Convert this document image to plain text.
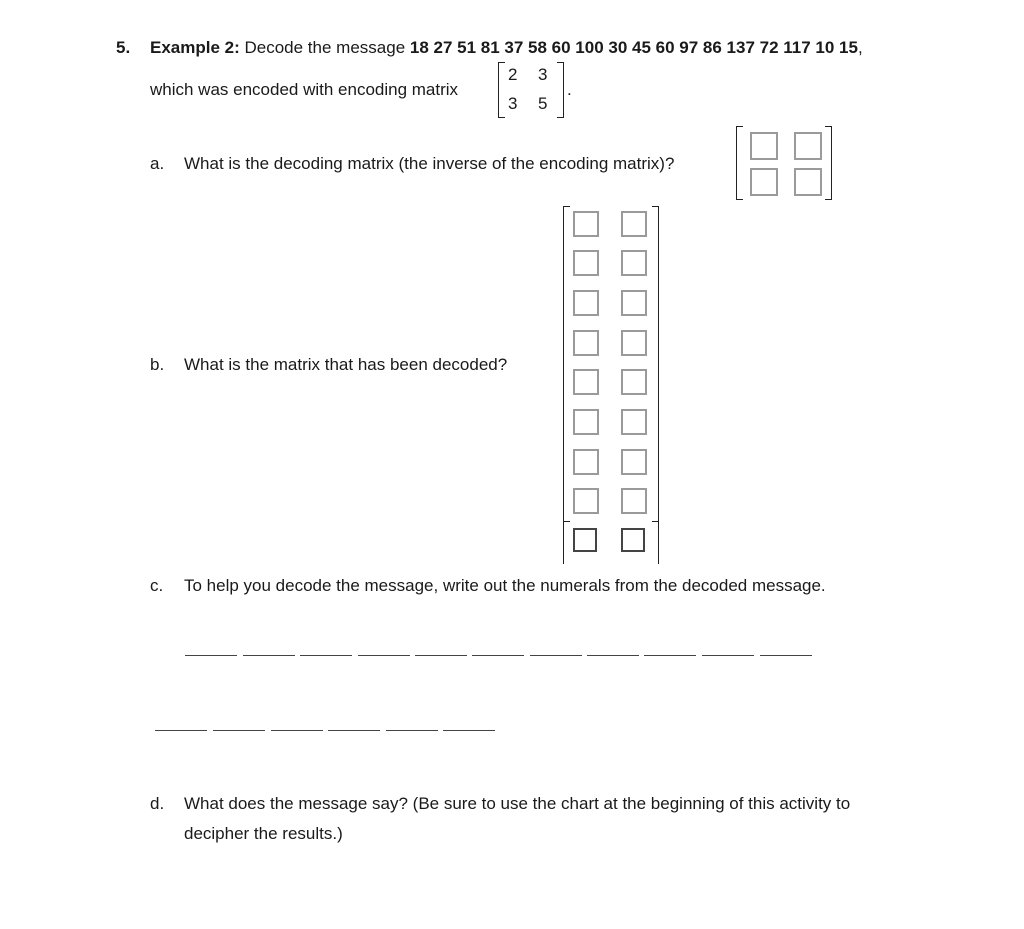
5. Example 2: Decode the message 18 27 51 81 37 58 60 100 30 45 60 97 86 137 72 117 10 15,
which was encoded with encoding matrix
2 3
3 5
.
a. What is the decoding matrix (the inverse of the encoding matrix)?
b. What is the matrix that has been decoded?
c. To help you decode the message, write out the numerals from the decoded message.
d. What does the message say? (Be sure to use the chart at the beginning of this activity to
decipher the results.)
